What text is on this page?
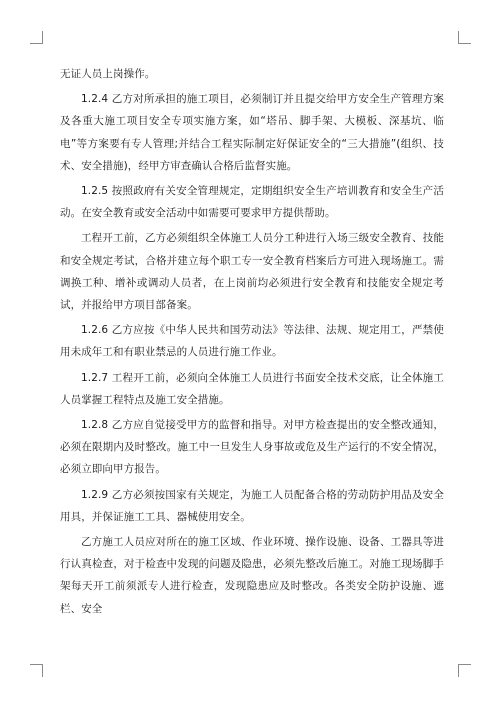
无证人员上岗操作。

1.2.4 乙方对所承担的施工项目，必须制订并且提交给甲方安全生产管理方案及各重大施工项目安全专项实施方案，如“塔吊、脚手架、大模板、深基坑、临电”等方案要有专人管理;并结合工程实际制定好保证安全的“三大措施”(组织、技术、安全措施)，经甲方审查确认合格后监督实施。

1.2.5 按照政府有关安全管理规定，定期组织安全生产培训教育和安全生产活动。在安全教育或安全活动中如需要可要求甲方提供帮助。

工程开工前，乙方必须组织全体施工人员分工种进行入场三级安全教育、技能和安全规定考试，合格并建立每个职工专一安全教育档案后方可进入现场施工。需调换工种、增补或调动人员者，在上岗前均必须进行安全教育和技能安全规定考试，并报给甲方项目部备案。

1.2.6 乙方应按《中华人民共和国劳动法》等法律、法规、规定用工，严禁使用未成年工和有职业禁忌的人员进行施工作业。

1.2.7 工程开工前，必须向全体施工人员进行书面安全技术交底，让全体施工人员掌握工程特点及施工安全措施。

1.2.8 乙方应自觉接受甲方的监督和指导。对甲方检查提出的安全整改通知，必须在限期内及时整改。施工中一旦发生人身事故或危及生产运行的不安全情况，必须立即向甲方报告。

1.2.9 乙方必须按国家有关规定，为施工人员配备合格的劳动防护用品及安全用具，并保证施工工具、器械使用安全。

乙方施工人员应对所在的施工区域、作业环境、操作设施、设备、工器具等进行认真检查，对于检查中发现的问题及隐患，必须先整改后施工。对施工现场脚手架每天开工前须派专人进行检查，发现隐患应及时整改。各类安全防护设施、遮栏、安全
